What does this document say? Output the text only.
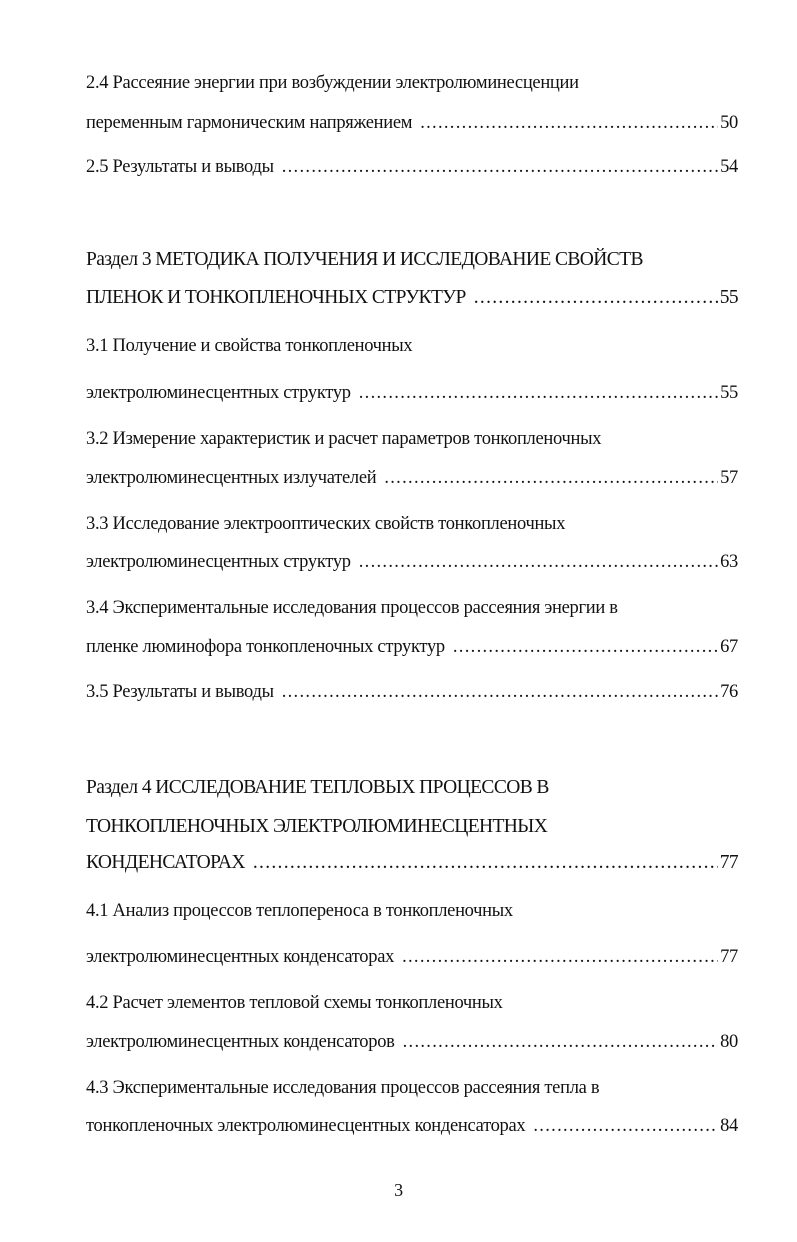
2.4 Рассеяние энергии при возбуждении электролюминесценции
переменным гармоническим напряжением .....	50
2.5 Результаты и выводы .....	54
Раздел 3 МЕТОДИКА ПОЛУЧЕНИЯ И ИССЛЕДОВАНИЕ СВОЙСТВ
ПЛЕНОК И ТОНКОПЛЕНОЧНЫХ СТРУКТУР .....	55
3.1 Получение и свойства тонкопленочных
электролюминесцентных структур .....	55
3.2 Измерение характеристик и расчет параметров тонкопленочных
электролюминесцентных излучателей .....	57
3.3 Исследование электрооптических свойств тонкопленочных
электролюминесцентных структур .....	63
3.4 Экспериментальные исследования процессов рассеяния энергии в
пленке люминофора тонкопленочных структур .....	67
3.5 Результаты и выводы .....	76
Раздел 4 ИССЛЕДОВАНИЕ ТЕПЛОВЫХ ПРОЦЕССОВ В
ТОНКОПЛЕНОЧНЫХ ЭЛЕКТРОЛЮМИНЕСЦЕНТНЫХ
КОНДЕНСАТОРАХ .....	77
4.1 Анализ процессов теплопереноса в тонкопленочных
электролюминесцентных конденсаторах .....	77
4.2 Расчет элементов тепловой схемы тонкопленочных
электролюминесцентных конденсаторов .....	80
4.3 Экспериментальные исследования процессов рассеяния тепла в
тонкопленочных электролюминесцентных конденсаторах .....	84
3
